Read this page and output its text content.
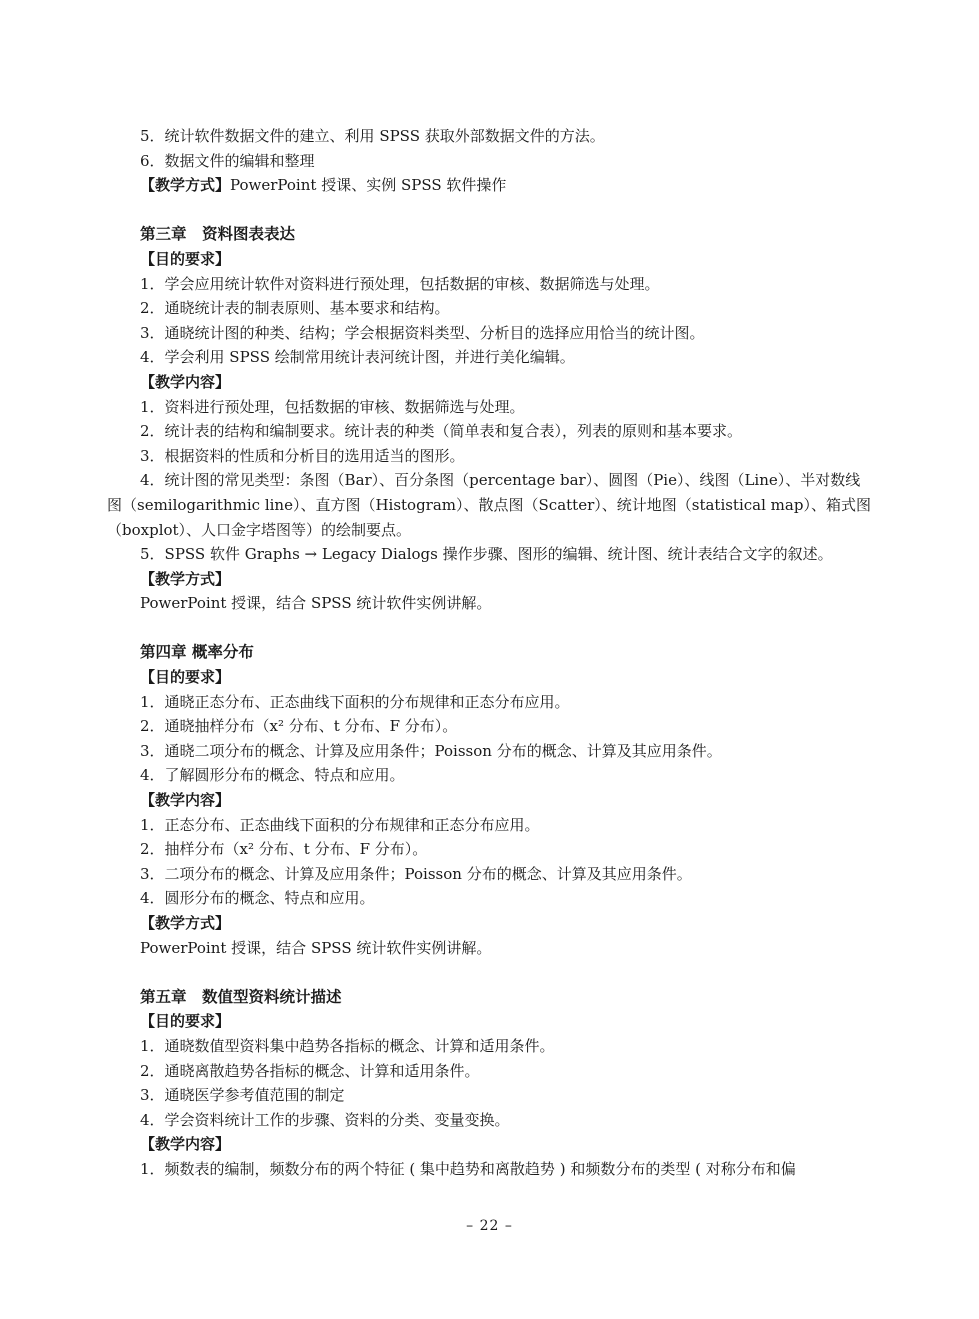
5．统计软件数据文件的建立、利用 SPSS 获取外部数据文件的方法。
6．数据文件的编辑和整理
【教学方式】PowerPoint 授课、实例 SPSS 软件操作
第三章　资料图表表达
【目的要求】
1．学会应用统计软件对资料进行预处理，包括数据的审核、数据筛选与处理。
2．通晓统计表的制表原则、基本要求和结构。
3．通晓统计图的种类、结构；学会根据资料类型、分析目的选择应用恰当的统计图。
4．学会利用 SPSS 绘制常用统计表河统计图，并进行美化编辑。
【教学内容】
1．资料进行预处理，包括数据的审核、数据筛选与处理。
2．统计表的结构和编制要求。统计表的种类（简单表和复合表），列表的原则和基本要求。
3．根据资料的性质和分析目的选用适当的图形。
4．统计图的常见类型：条图（Bar）、百分条图（percentage bar）、圆图（Pie）、线图（Line）、半对数线图（semilogarithmic line）、直方图（Histogram）、散点图（Scatter）、统计地图（statistical map）、箱式图（boxplot）、人口金字塔图等）的绘制要点。
5．SPSS 软件 Graphs → Legacy Dialogs 操作步骤、图形的编辑、统计图、统计表结合文字的叙述。
【教学方式】
PowerPoint 授课，结合 SPSS 统计软件实例讲解。
第四章 概率分布
【目的要求】
1．通晓正态分布、正态曲线下面积的分布规律和正态分布应用。
2．通晓抽样分布（x² 分布、t 分布、F 分布）。
3．通晓二项分布的概念、计算及应用条件；Poisson 分布的概念、计算及其应用条件。
4．了解圆形分布的概念、特点和应用。
【教学内容】
1．正态分布、正态曲线下面积的分布规律和正态分布应用。
2．抽样分布（x² 分布、t 分布、F 分布）。
3．二项分布的概念、计算及应用条件；Poisson 分布的概念、计算及其应用条件。
4．圆形分布的概念、特点和应用。
【教学方式】
PowerPoint 授课，结合 SPSS 统计软件实例讲解。
第五章　数值型资料统计描述
【目的要求】
1．通晓数值型资料集中趋势各指标的概念、计算和适用条件。
2．通晓离散趋势各指标的概念、计算和适用条件。
3．通晓医学参考值范围的制定
4．学会资料统计工作的步骤、资料的分类、变量变换。
【教学内容】
1．频数表的编制，频数分布的两个特征 ( 集中趋势和离散趋势 ) 和频数分布的类型 ( 对称分布和偏
– 22 –
